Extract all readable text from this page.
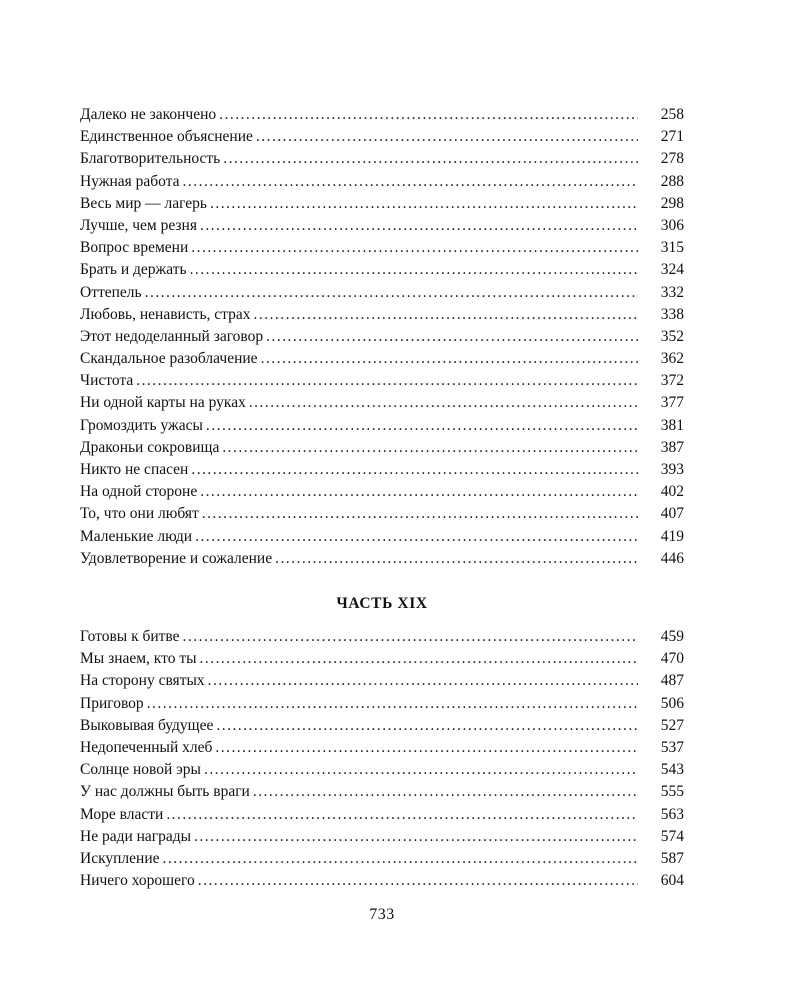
Далеко не закончено . . .	258
Единственное объяснение . . .	271
Благотворительность . . .	278
Нужная работа . . .	288
Весь мир — лагерь . . .	298
Лучше, чем резня . . .	306
Вопрос времени . . .	315
Брать и держать . . .	324
Оттепель . . .	332
Любовь, ненависть, страх . . .	338
Этот недоделанный заговор . . .	352
Скандальное разоблачение . . .	362
Чистота . . .	372
Ни одной карты на руках . . .	377
Громоздить ужасы . . .	381
Драконьи сокровища . . .	387
Никто не спасен . . .	393
На одной стороне . . .	402
То, что они любят . . .	407
Маленькие люди . . .	419
Удовлетворение и сожаление . . .	446
ЧАСТЬ XIX
Готовы к битве . . .	459
Мы знаем, кто ты . . .	470
На сторону святых . . .	487
Приговор . . .	506
Выковывая будущее . . .	527
Недопеченный хлеб . . .	537
Солнце новой эры . . .	543
У нас должны быть враги . . .	555
Море власти . . .	563
Не ради награды . . .	574
Искупление . . .	587
Ничего хорошего . . .	604
733
